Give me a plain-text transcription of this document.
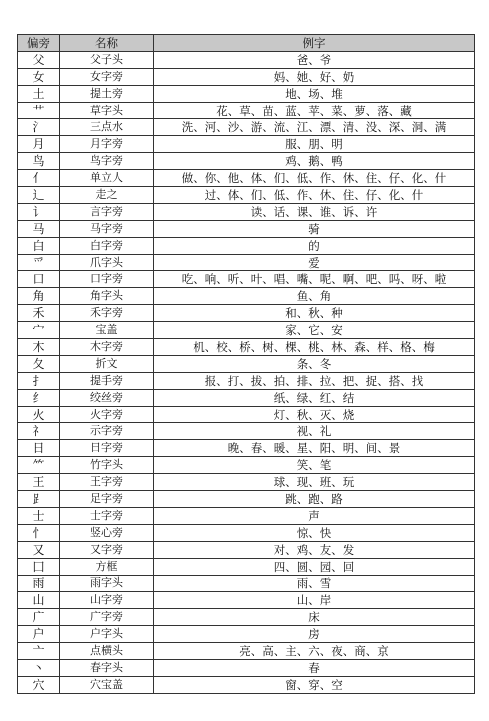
偏旁	名称	例字
父	父子头	爸、爷
女	女字旁	妈、她、好、奶
土	提土旁	地、场、堆
艹	草字头	花、草、苗、蓝、苹、菜、萝、落、藏
氵	三点水	洗、河、沙、游、流、江、漂、清、没、深、洞、满
月	月字旁	服、朋、明
鸟	鸟字旁	鸡、鹅、鸭
亻	单立人	做、你、他、体、们、低、作、休、住、仔、化、什
辶	走之	过、体、们、低、作、休、住、仔、化、什
讠	言字旁	读、话、课、谁、诉、许
马	马字旁	骑
白	白字旁	的
爫	爪字头	爱
口	口字旁	吃、响、听、叶、唱、嘴、呢、啊、吧、吗、呀、啦
角	角字头	鱼、角
禾	禾字旁	和、秋、种
宀	宝盖	家、它、安
木	木字旁	机、校、桥、树、棵、桃、林、森、样、格、梅
夂	折文	条、冬
扌	提手旁	报、打、拔、拍、排、拉、把、捉、搭、找
纟	绞丝旁	纸、绿、红、结
火	火字旁	灯、秋、灭、烧
礻	示字旁	视、礼
日	日字旁	晚、春、暖、星、阳、明、间、景
⺮	竹字头	笑、笔
王	王字旁	球、现、班、玩
⻊	足字旁	跳、跑、路
士	士字旁	声
忄	竖心旁	惊、快
又	又字旁	对、鸡、友、发
囗	方框	四、圆、园、回
雨	雨字头	雨、雪
山	山字旁	山、岸
广	广字旁	床
户	户字头	房
亠	点横头	亮、高、主、六、夜、商、京
丶	春字头	春
穴	穴宝盖	窗、穿、空
